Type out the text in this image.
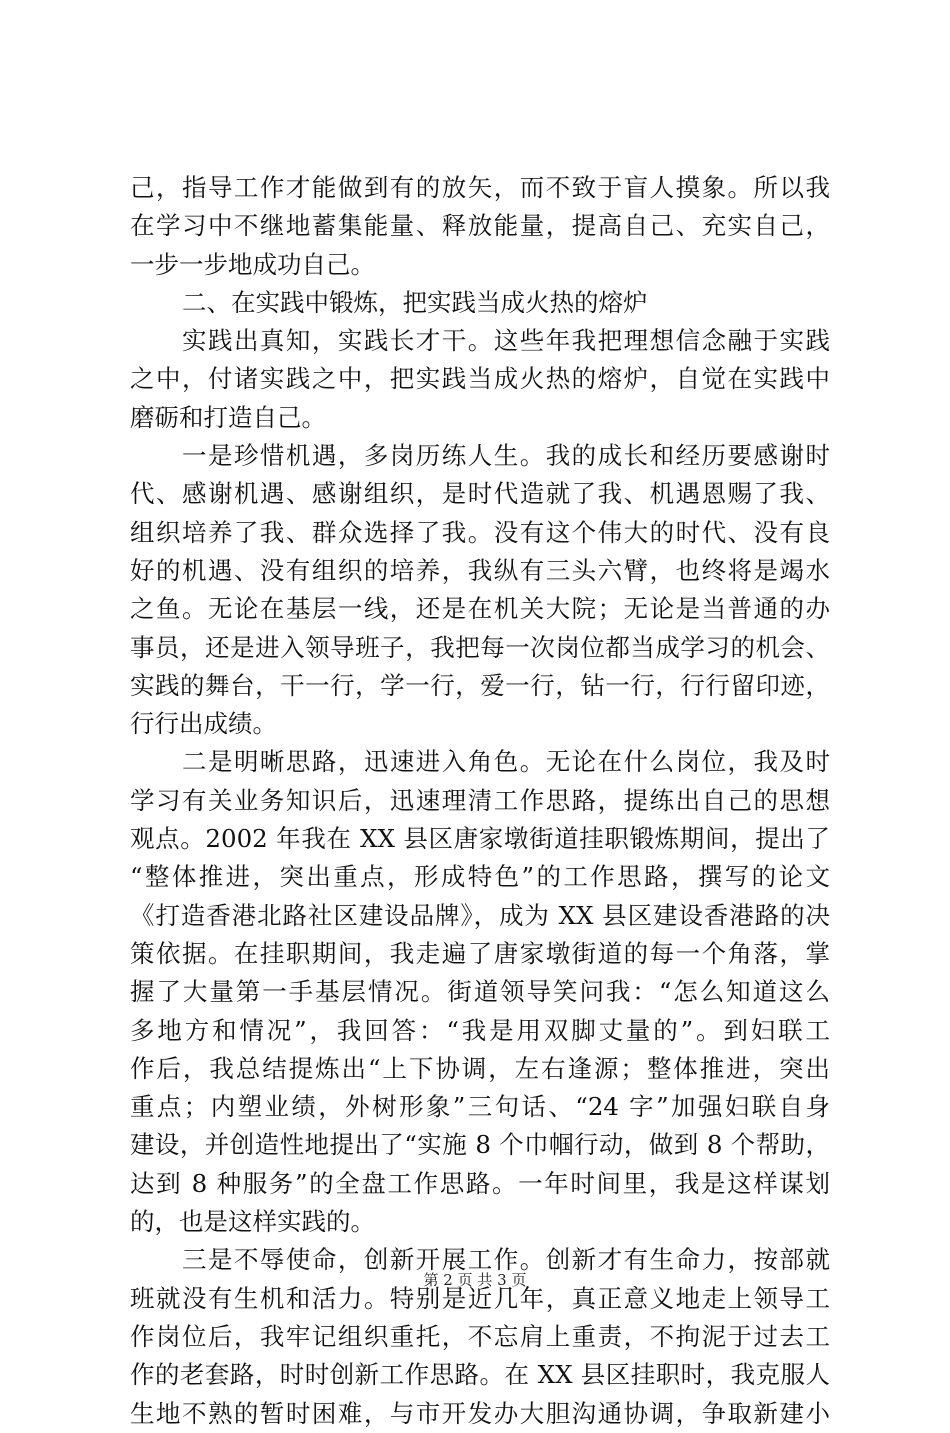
己，指导工作才能做到有的放矢，而不致于盲人摸象。所以我
在学习中不继地蓄集能量、释放能量，提高自己、充实自己，
一步一步地成功自己。
二、在实践中锻炼，把实践当成火热的熔炉
实践出真知，实践长才干。这些年我把理想信念融于实践
之中，付诸实践之中，把实践当成火热的熔炉，自觉在实践中
磨砺和打造自己。
一是珍惜机遇，多岗历练人生。我的成长和经历要感谢时
代、感谢机遇、感谢组织，是时代造就了我、机遇恩赐了我、
组织培养了我、群众选择了我。没有这个伟大的时代、没有良
好的机遇、没有组织的培养，我纵有三头六臂，也终将是竭水
之鱼。无论在基层一线，还是在机关大院；无论是当普通的办
事员，还是进入领导班子，我把每一次岗位都当成学习的机会、
实践的舞台，干一行，学一行，爱一行，钻一行，行行留印迹，
行行出成绩。
二是明晰思路，迅速进入角色。无论在什么岗位，我及时
学习有关业务知识后，迅速理清工作思路，提练出自己的思想
观点。2002 年我在 XX 县区唐家墩街道挂职锻炼期间，提出了
“整体推进，突出重点，形成特色”的工作思路，撰写的论文
《打造香港北路社区建设品牌》，成为 XX 县区建设香港路的决
策依据。在挂职期间，我走遍了唐家墩街道的每一个角落，掌
握了大量第一手基层情况。街道领导笑问我：“怎么知道这么
多地方和情况”，我回答：“我是用双脚丈量的”。到妇联工
作后，我总结提炼出“上下协调，左右逢源；整体推进，突出
重点；内塑业绩，外树形象”三句话、“24 字”加强妇联自身
建设，并创造性地提出了“实施 8 个巾帼行动，做到 8 个帮助，
达到 8 种服务”的全盘工作思路。一年时间里，我是这样谋划
的，也是这样实践的。
三是不辱使命，创新开展工作。创新才有生命力，按部就
班就没有生机和活力。特别是近几年，真正意义地走上领导工
作岗位后，我牢记组织重托，不忘肩上重责，不拘泥于过去工
作的老套路，时时创新工作思路。在 XX 县区挂职时，我克服人
生地不熟的暂时困难，与市开发办大胆沟通协调，争取新建小
第 2 页 共 3 页
